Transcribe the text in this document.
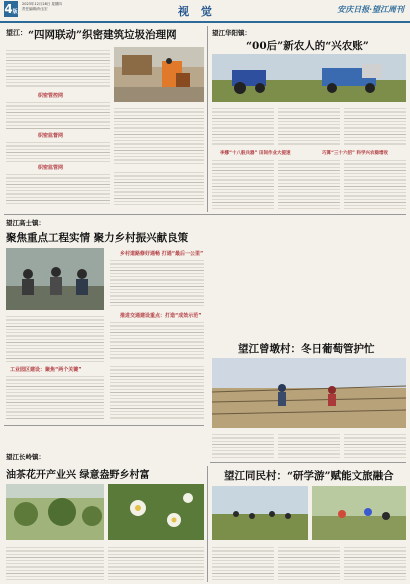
4版
2023年12月28日 星期四
责任编辑/尚玉宏	视 觉	安庆日报·望江周刊
望江： “四网联动”织密建筑垃圾治理网
织密管控网
织密监督网
织密监管网
望江华阳镇：
“00后”新农人的“兴农账”
李娜“十八般兵器” 田间作业大提速	巧算“三十六招” 科学兴农稳增收
望江高士镇：
聚焦重点工程实情 聚力乡村振兴献良策
乡村道路修好通畅 打通“最后一公里”
推进交通建设重点：打造“成效示范”
工业园区建设：聚焦“两个关键”
望江曾墩村：冬日葡萄管护忙
望江长岭镇：
油茶花开产业兴 绿意盎野乡村富	望江同民村：“研学游”赋能文旅融合
